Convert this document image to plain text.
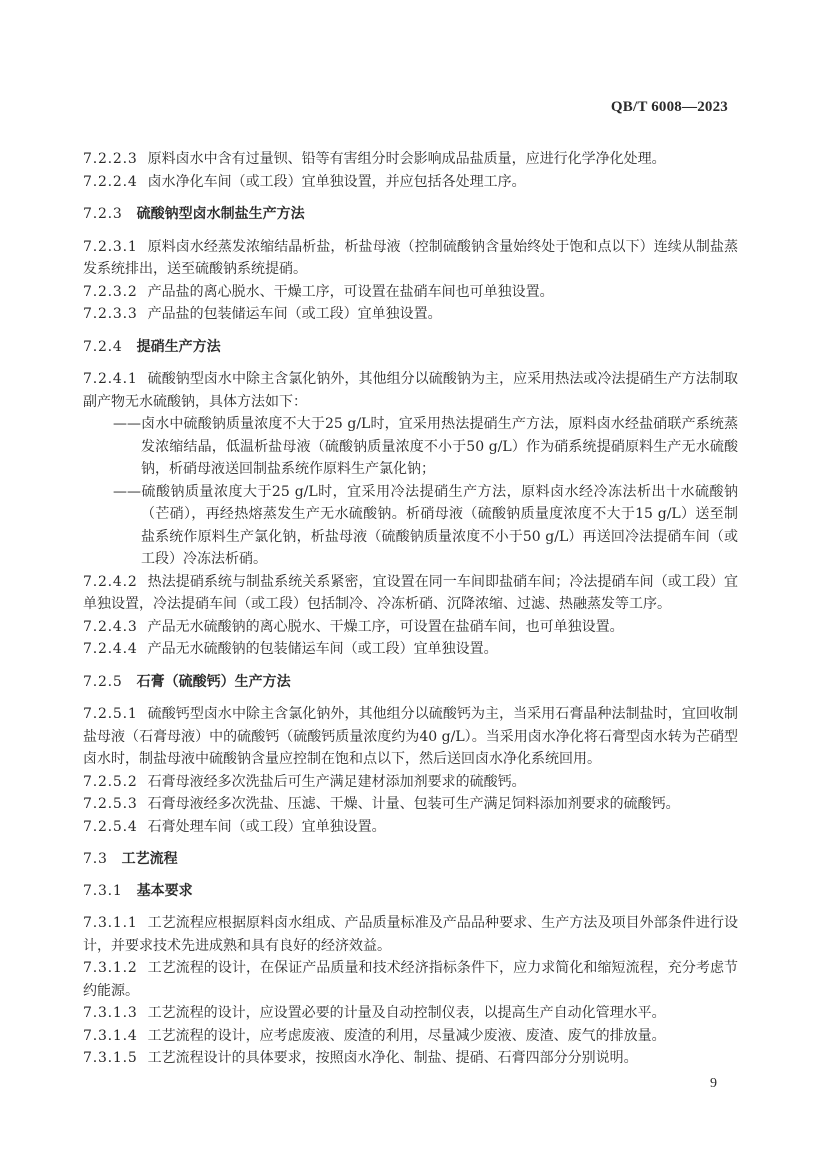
QB/T 6008—2023

7.2.2.3 原料卤水中含有过量钡、铅等有害组分时会影响成品盐质量，应进行化学净化处理。

7.2.2.4 卤水净化车间（或工段）宜单独设置，并应包括各处理工序。

7.2.3 硫酸钠型卤水制盐生产方法

7.2.3.1 原料卤水经蒸发浓缩结晶析盐，析盐母液（控制硫酸钠含量始终处于饱和点以下）连续从制盐蒸发系统排出，送至硫酸钠系统提硝。

7.2.3.2 产品盐的离心脱水、干燥工序，可设置在盐硝车间也可单独设置。

7.2.3.3 产品盐的包装储运车间（或工段）宜单独设置。

7.2.4 提硝生产方法

7.2.4.1 硫酸钠型卤水中除主含氯化钠外，其他组分以硫酸钠为主，应采用热法或冷法提硝生产方法制取副产物无水硫酸钠，具体方法如下：

——卤水中硫酸钠质量浓度不大于25 g/L时，宜采用热法提硝生产方法，原料卤水经盐硝联产系统蒸发浓缩结晶，低温析盐母液（硫酸钠质量浓度不小于50 g/L）作为硝系统提硝原料生产无水硫酸钠，析硝母液送回制盐系统作原料生产氯化钠；

——硫酸钠质量浓度大于25 g/L时，宜采用冷法提硝生产方法，原料卤水经冷冻法析出十水硫酸钠（芒硝），再经热熔蒸发生产无水硫酸钠。析硝母液（硫酸钠质量度浓度不大于15 g/L）送至制盐系统作原料生产氯化钠，析盐母液（硫酸钠质量浓度不小于50 g/L）再送回冷法提硝车间（或工段）冷冻法析硝。

7.2.4.2 热法提硝系统与制盐系统关系紧密，宜设置在同一车间即盐硝车间；冷法提硝车间（或工段）宜单独设置，冷法提硝车间（或工段）包括制冷、冷冻析硝、沉降浓缩、过滤、热融蒸发等工序。

7.2.4.3 产品无水硫酸钠的离心脱水、干燥工序，可设置在盐硝车间，也可单独设置。

7.2.4.4 产品无水硫酸钠的包装储运车间（或工段）宜单独设置。

7.2.5 石膏（硫酸钙）生产方法

7.2.5.1 硫酸钙型卤水中除主含氯化钠外，其他组分以硫酸钙为主，当采用石膏晶种法制盐时，宜回收制盐母液（石膏母液）中的硫酸钙（硫酸钙质量浓度约为40 g/L）。当采用卤水净化将石膏型卤水转为芒硝型卤水时，制盐母液中硫酸钠含量应控制在饱和点以下，然后送回卤水净化系统回用。

7.2.5.2 石膏母液经多次洗盐后可生产满足建材添加剂要求的硫酸钙。

7.2.5.3 石膏母液经多次洗盐、压滤、干燥、计量、包装可生产满足饲料添加剂要求的硫酸钙。

7.2.5.4 石膏处理车间（或工段）宜单独设置。

7.3 工艺流程

7.3.1 基本要求

7.3.1.1 工艺流程应根据原料卤水组成、产品质量标准及产品品种要求、生产方法及项目外部条件进行设计，并要求技术先进成熟和具有良好的经济效益。

7.3.1.2 工艺流程的设计，在保证产品质量和技术经济指标条件下，应力求简化和缩短流程，充分考虑节约能源。

7.3.1.3 工艺流程的设计，应设置必要的计量及自动控制仪表，以提高生产自动化管理水平。

7.3.1.4 工艺流程的设计，应考虑废液、废渣的利用，尽量减少废液、废渣、废气的排放量。

7.3.1.5 工艺流程设计的具体要求，按照卤水净化、制盐、提硝、石膏四部分分别说明。

9
